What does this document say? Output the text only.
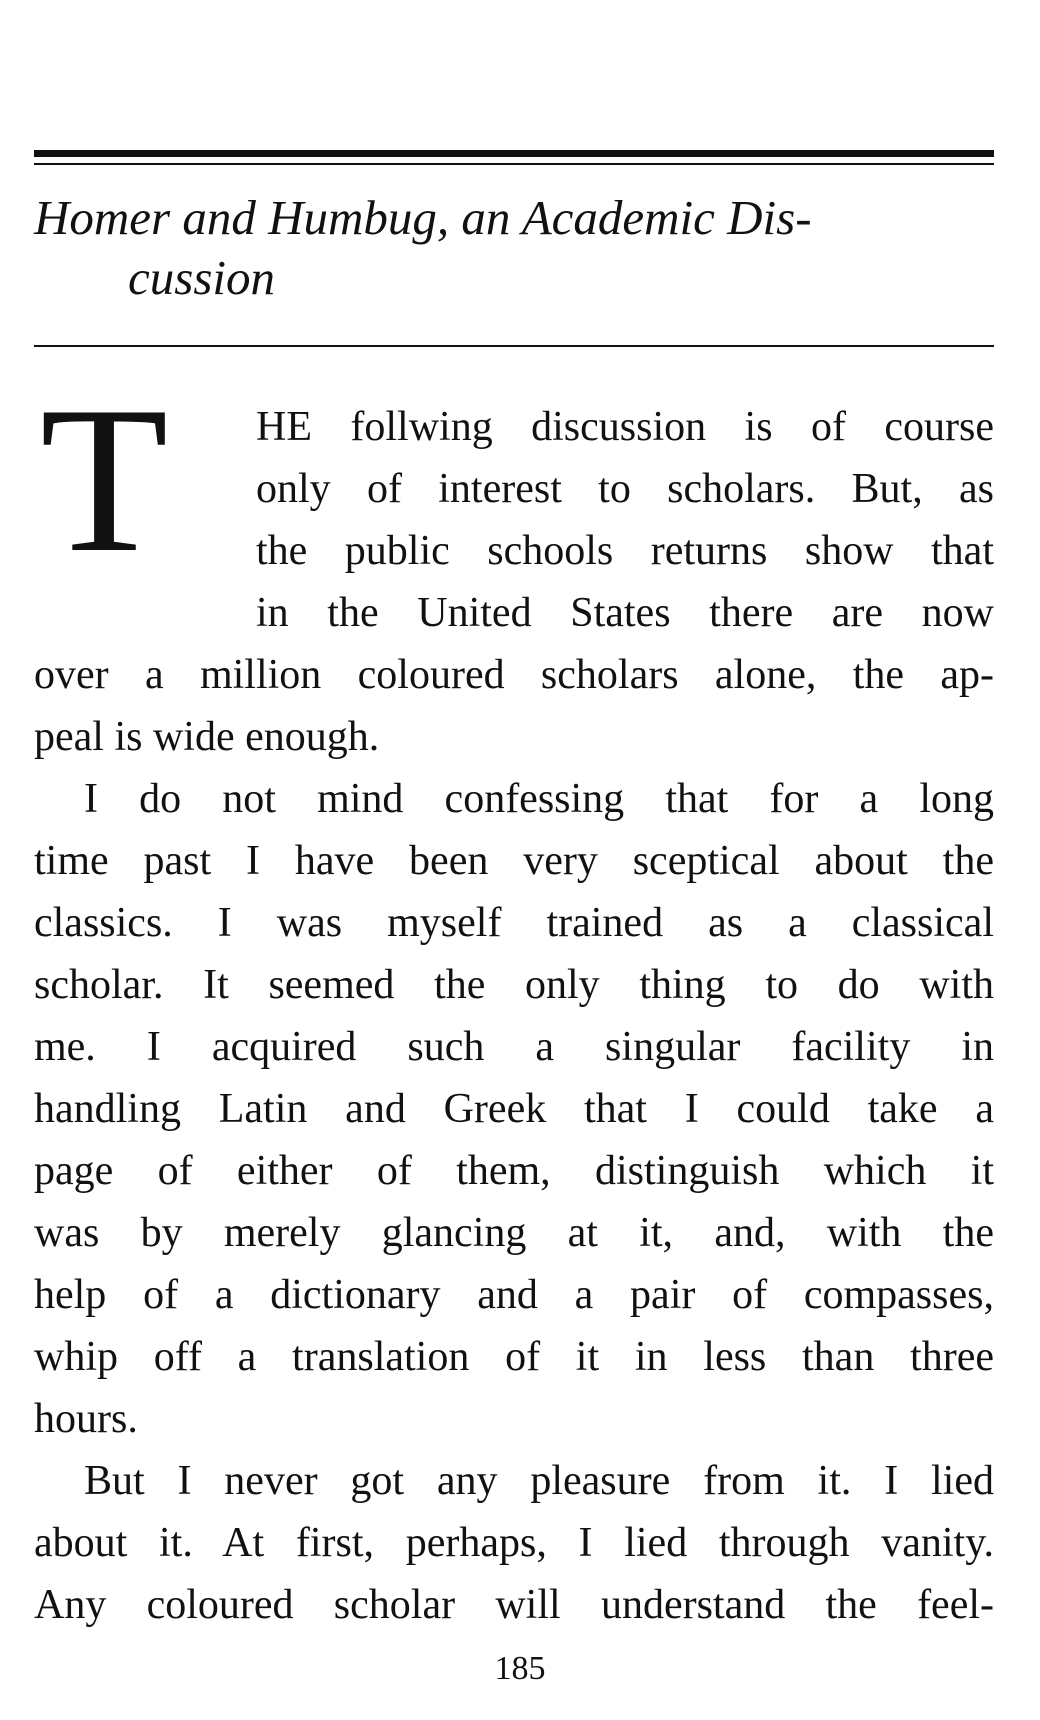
Homer and Humbug, an Academic Dis-
cussion
T HE follwing discussion is of course
only of interest to scholars. But, as
the public schools returns show that
in the United States there are now
over a million coloured scholars alone, the ap-
peal is wide enough.
I do not mind confessing that for a long
time past I have been very sceptical about the
classics. I was myself trained as a classical
scholar. It seemed the only thing to do with
me. I acquired such a singular facility in
handling Latin and Greek that I could take a
page of either of them, distinguish which it
was by merely glancing at it, and, with the
help of a dictionary and a pair of compasses,
whip off a translation of it in less than three
hours.
But I never got any pleasure from it. I lied
about it. At first, perhaps, I lied through vanity.
Any coloured scholar will understand the feel-
185
